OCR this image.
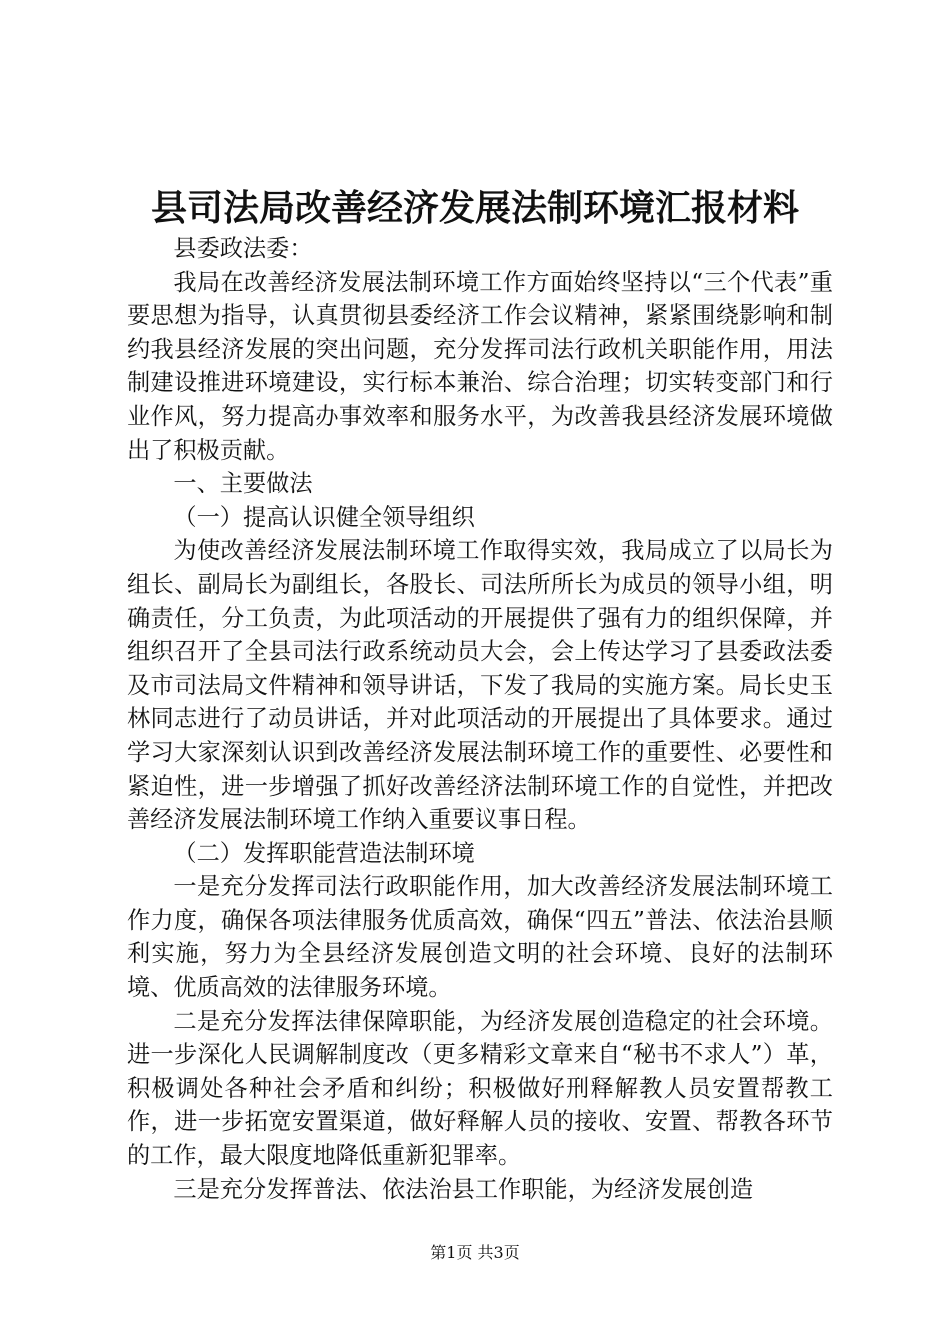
县司法局改善经济发展法制环境汇报材料

县委政法委：

我局在改善经济发展法制环境工作方面始终坚持以“三个代表”重要思想为指导，认真贯彻县委经济工作会议精神，紧紧围绕影响和制约我县经济发展的突出问题，充分发挥司法行政机关职能作用，用法制建设推进环境建设，实行标本兼治、综合治理；切实转变部门和行业作风，努力提高办事效率和服务水平，为改善我县经济发展环境做出了积极贡献。

一、主要做法

（一）提高认识健全领导组织

为使改善经济发展法制环境工作取得实效，我局成立了以局长为组长、副局长为副组长，各股长、司法所所长为成员的领导小组，明确责任，分工负责，为此项活动的开展提供了强有力的组织保障，并组织召开了全县司法行政系统动员大会，会上传达学习了县委政法委及市司法局文件精神和领导讲话，下发了我局的实施方案。局长史玉林同志进行了动员讲话，并对此项活动的开展提出了具体要求。通过学习大家深刻认识到改善经济发展法制环境工作的重要性、必要性和紧迫性，进一步增强了抓好改善经济法制环境工作的自觉性，并把改善经济发展法制环境工作纳入重要议事日程。

（二）发挥职能营造法制环境

一是充分发挥司法行政职能作用，加大改善经济发展法制环境工作力度，确保各项法律服务优质高效，确保“四五”普法、依法治县顺利实施，努力为全县经济发展创造文明的社会环境、良好的法制环境、优质高效的法律服务环境。

二是充分发挥法律保障职能，为经济发展创造稳定的社会环境。进一步深化人民调解制度改（更多精彩文章来自“秘书不求人”）革，积极调处各种社会矛盾和纠纷；积极做好刑释解教人员安置帮教工作，进一步拓宽安置渠道，做好释解人员的接收、安置、帮教各环节的工作，最大限度地降低重新犯罪率。

三是充分发挥普法、依法治县工作职能，为经济发展创造

第1页 共3页
